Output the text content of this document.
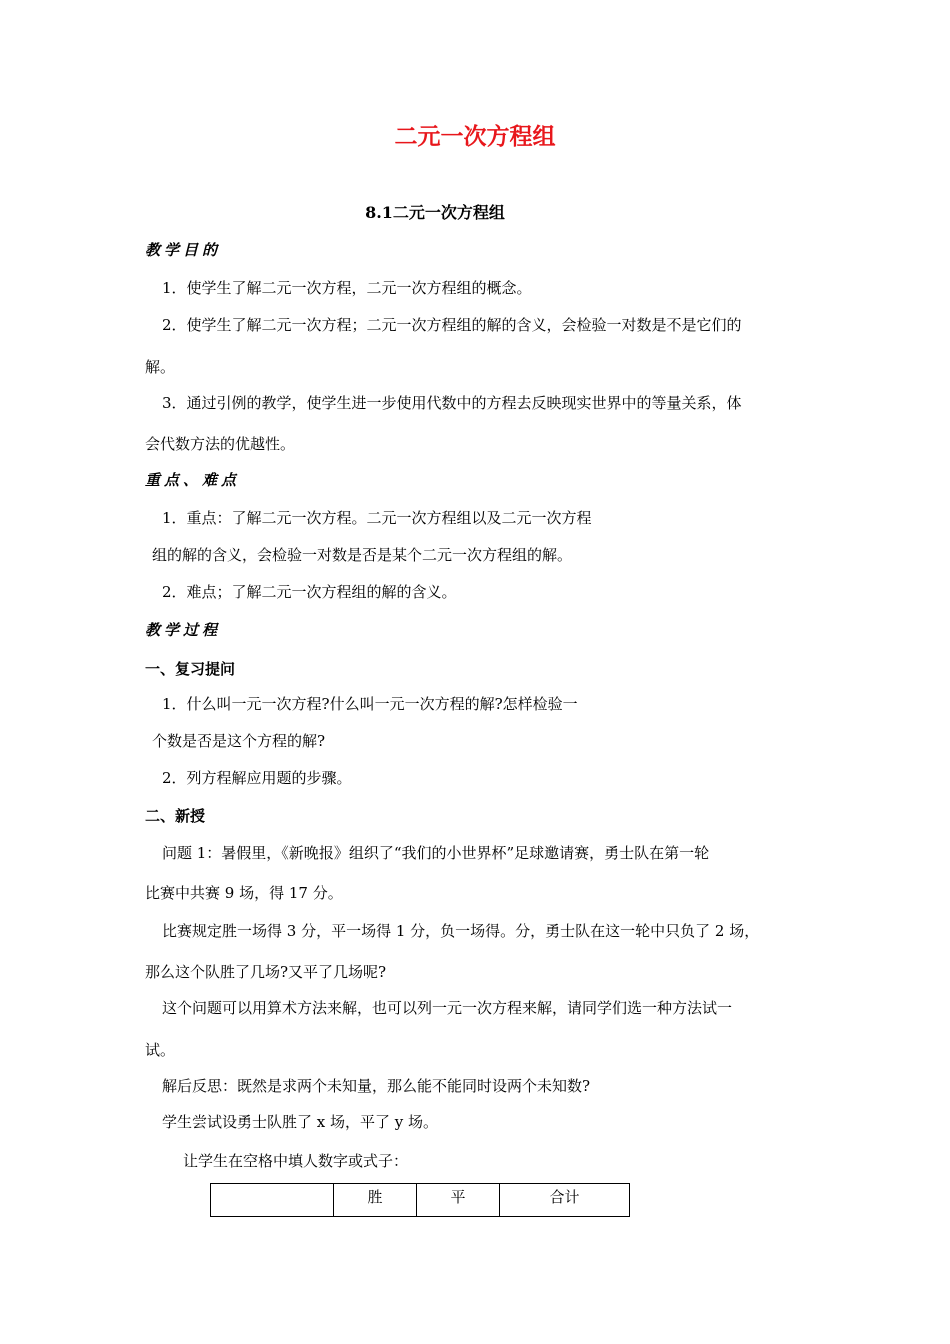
二元一次方程组
8.1二元一次方程组
教学目的
1．使学生了解二元一次方程，二元一次方程组的概念。
2．使学生了解二元一次方程；二元一次方程组的解的含义，会检验一对数是不是它们的
解。
3．通过引例的教学，使学生进一步使用代数中的方程去反映现实世界中的等量关系，体
会代数方法的优越性。
重点、难点
1．重点：了解二元一次方程。二元一次方程组以及二元一次方程
组的解的含义，会检验一对数是否是某个二元一次方程组的解。
2．难点；了解二元一次方程组的解的含义。
教学过程
一、复习提问
1．什么叫一元一次方程?什么叫一元一次方程的解?怎样检验一
个数是否是这个方程的解?
2．列方程解应用题的步骤。
二、新授
问题 1：暑假里，《新晚报》组织了“我们的小世界杯”足球邀请赛，勇士队在第一轮
比赛中共赛 9 场，得 17 分。
比赛规定胜一场得 3 分，平一场得 1 分，负一场得。分，勇士队在这一轮中只负了 2 场，
那么这个队胜了几场?又平了几场呢?
这个问题可以用算术方法来解，也可以列一元一次方程来解，请同学们选一种方法试一
试。
解后反思：既然是求两个未知量，那么能不能同时设两个未知数?
学生尝试设勇士队胜了 x 场，平了 y 场。
让学生在空格中填人数字或式子：
	胜	平	合计
